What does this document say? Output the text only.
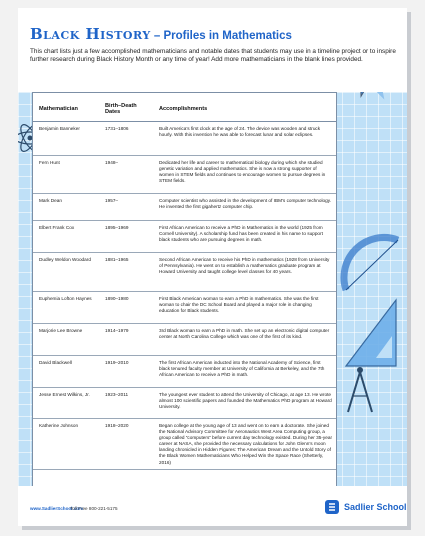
Black History – Profiles in Mathematics
This chart lists just a few accomplished mathematicians and notable dates that students may use in a timeline project or to inspire further research during Black History Month or any time of year! Add more mathematicians in the blank lines provided.
Mathematician	Birth–Death Dates	Accomplishments
Benjamin Banneker	1731–1806	Built America’s first clock at the age of 24. The device was wooden and struck hourly. With this invention he was able to forecast lunar and solar eclipses.
Fern Hunt	1948–	Dedicated her life and career to mathematical biology during which she studied genetic variation and applied mathematics. She is now a strong supporter of women in STEM fields and continues to encourage women to pursue degrees in STEM fields.
Mark Dean	1957–	Computer scientist who assisted in the development of IBM’s computer technology. He invented the first gigahertz computer chip.
Elbert Frank Cox	1895–1969	First African American to receive a PhD in Mathematics in the world (1925 from Cornell University). A scholarship fund has been created in his name to support black students who are pursuing degrees in math.
Dudley Weldon Woodard	1881–1965	Second African American to receive his PhD in mathematics (1928 from University of Pennsylvania). He went on to establish a mathematics graduate program at Howard University and taught college level classes for 40 years.
Euphemia Lofton Haynes	1890–1980	First Black American woman to earn a PhD in mathematics. She was the first woman to chair the DC School Board and played a major role in changing education for Black students.
Marjorie Lee Browne	1914–1979	3rd Black woman to earn a PhD in math. She set up an electronic digital computer center at North Carolina College which was one of the first of its kind.
David Blackwell	1919–2010	The first African American inducted into the National Academy of Science, first black tenured faculty member at University of California at Berkeley, and the 7th African American to receive a PhD in math.
Jesse Ernest Wilkins, Jr.	1923–2011	The youngest ever student to attend the University of Chicago, at age 13. He wrote almost 100 scientific papers and founded the Mathematics PhD program at Howard University.
Katherine Johnson	1918–2020	Began college at the young age of 13 and went on to earn a doctorate. She joined the National Advisory Committee for Aeronautics West Area Computing group, a group called “computers” before current day technology existed. During her 35-year career at NASA, she provided the necessary calculations for John Glenn’s moon landing chronicled in Hidden Figures: The American Dream and the Untold Story of the Black Women Mathematicians Who Helped Win the Space Race (Shetterly, 2016)
www.SadlierSchool.com
Toll Free 800-221-5175	Sadlier School
